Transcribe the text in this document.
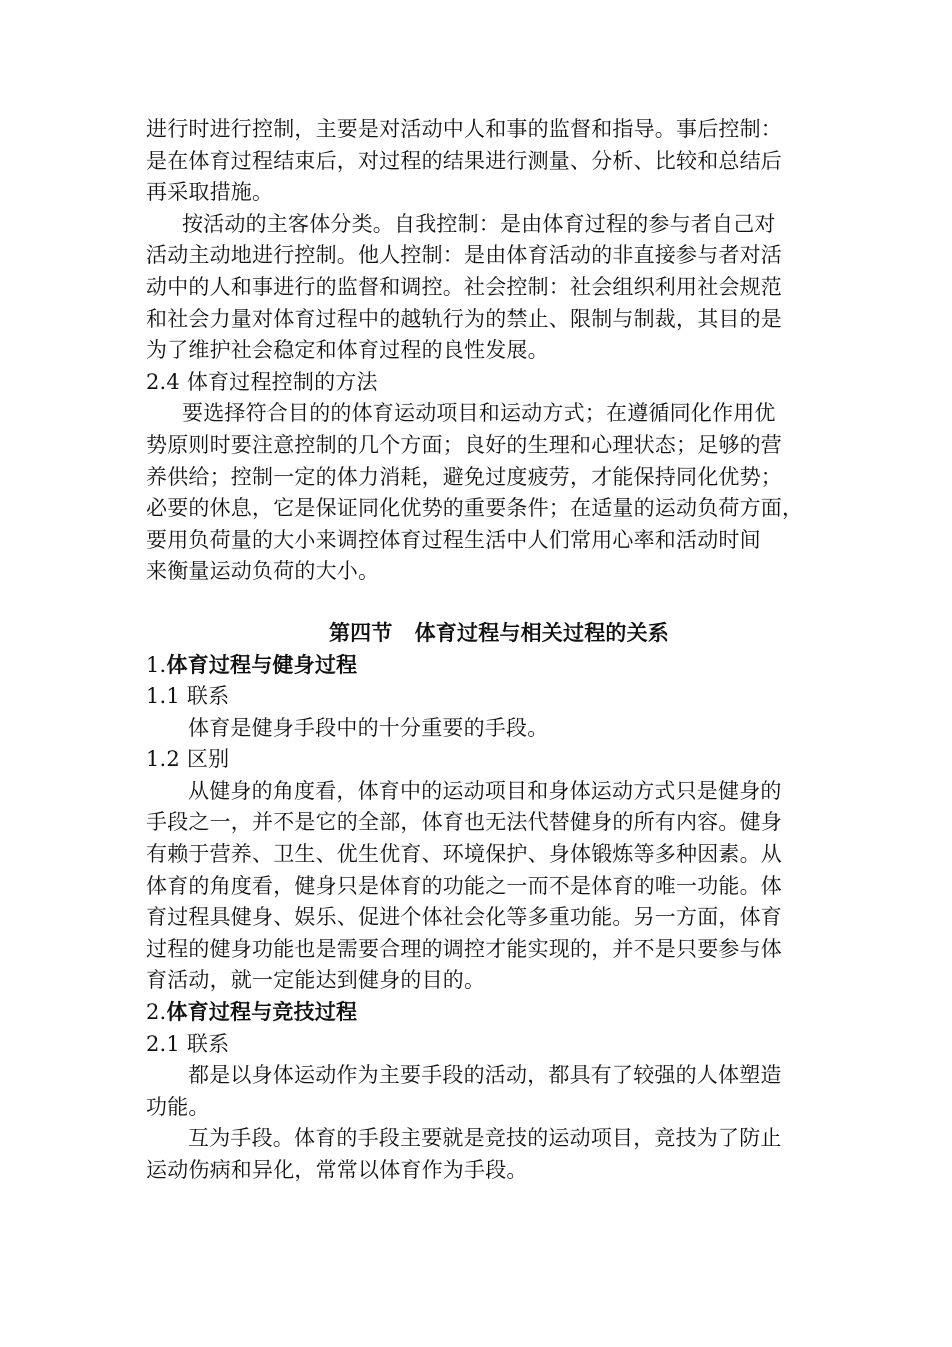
进行时进行控制，主要是对活动中人和事的监督和指导。事后控制：
是在体育过程结束后，对过程的结果进行测量、分析、比较和总结后
再采取措施。
按活动的主客体分类。自我控制：是由体育过程的参与者自己对
活动主动地进行控制。他人控制：是由体育活动的非直接参与者对活
动中的人和事进行的监督和调控。社会控制：社会组织利用社会规范
和社会力量对体育过程中的越轨行为的禁止、限制与制裁，其目的是
为了维护社会稳定和体育过程的良性发展。
2.4 体育过程控制的方法
要选择符合目的的体育运动项目和运动方式；在遵循同化作用优
势原则时要注意控制的几个方面；良好的生理和心理状态；足够的营
养供给；控制一定的体力消耗，避免过度疲劳，才能保持同化优势；
必要的休息，它是保证同化优势的重要条件；在适量的运动负荷方面，
要用负荷量的大小来调控体育过程生活中人们常用心率和活动时间
来衡量运动负荷的大小。
第四节 体育过程与相关过程的关系
1.体育过程与健身过程
1.1 联系
体育是健身手段中的十分重要的手段。
1.2 区别
从健身的角度看，体育中的运动项目和身体运动方式只是健身的
手段之一，并不是它的全部，体育也无法代替健身的所有内容。健身
有赖于营养、卫生、优生优育、环境保护、身体锻炼等多种因素。从
体育的角度看，健身只是体育的功能之一而不是体育的唯一功能。体
育过程具健身、娱乐、促进个体社会化等多重功能。另一方面，体育
过程的健身功能也是需要合理的调控才能实现的，并不是只要参与体
育活动，就一定能达到健身的目的。
2.体育过程与竞技过程
2.1 联系
都是以身体运动作为主要手段的活动，都具有了较强的人体塑造
功能。
互为手段。体育的手段主要就是竞技的运动项目，竞技为了防止
运动伤病和异化，常常以体育作为手段。
